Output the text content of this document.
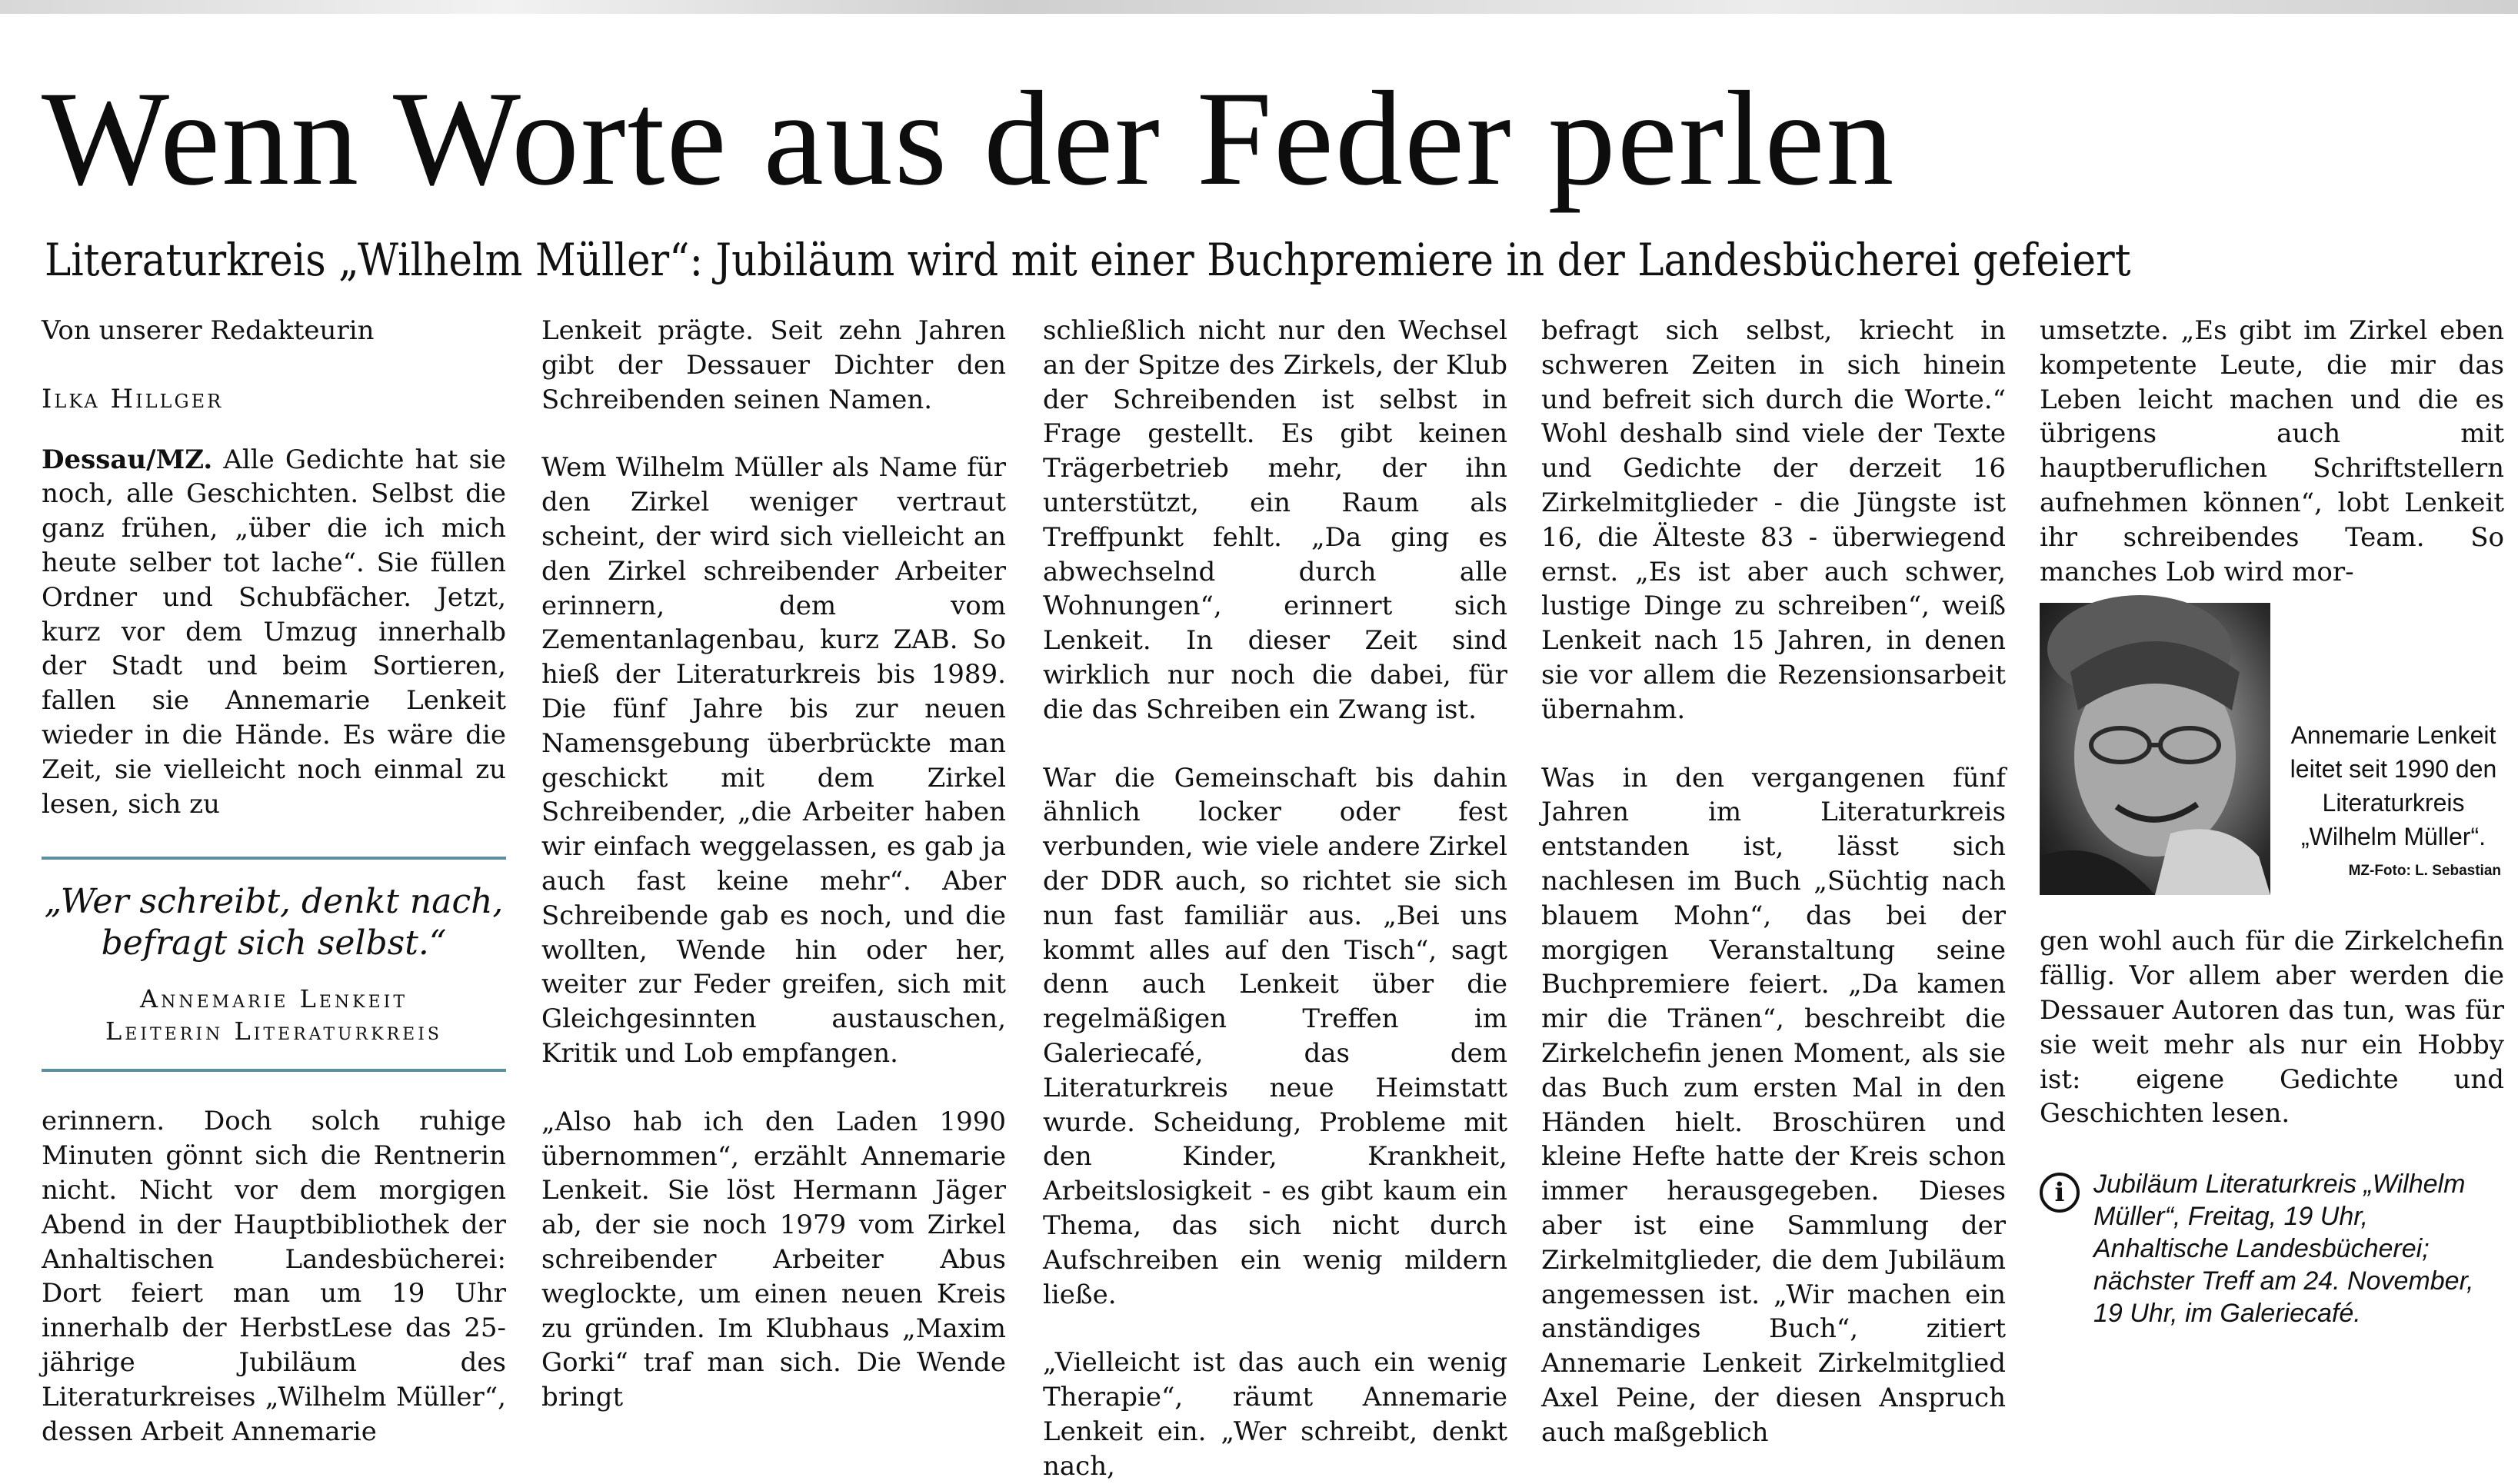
Wenn Worte aus der Feder perlen
Literaturkreis „Wilhelm Müller“: Jubiläum wird mit einer Buchpremiere in der Landesbücherei gefeiert

Von unserer Redakteurin

Ilka Hillger

Dessau/MZ. Alle Gedichte hat sie noch, alle Geschichten. Selbst die ganz frühen, „über die ich mich heute selber tot lache“. Sie füllen Ordner und Schubfächer. Jetzt, kurz vor dem Umzug innerhalb der Stadt und beim Sortieren, fallen sie Annemarie Lenkeit wieder in die Hände. Es wäre die Zeit, sie vielleicht noch einmal zu lesen, sich zu

„Wer schreibt, denkt nach, befragt sich selbst.“

Annemarie Lenkeit

Leiterin Literaturkreis

erinnern. Doch solch ruhige Minuten gönnt sich die Rentnerin nicht. Nicht vor dem morgigen Abend in der Hauptbibliothek der Anhaltischen Landesbücherei: Dort feiert man um 19 Uhr innerhalb der HerbstLese das 25-jährige Jubiläum des Literaturkreises „Wilhelm Müller“, dessen Arbeit Annemarie

Lenkeit prägte. Seit zehn Jahren gibt der Dessauer Dichter den Schreibenden seinen Namen.

Wem Wilhelm Müller als Name für den Zirkel weniger vertraut scheint, der wird sich vielleicht an den Zirkel schreibender Arbeiter erinnern, dem vom Zementanlagenbau, kurz ZAB. So hieß der Literaturkreis bis 1989. Die fünf Jahre bis zur neuen Namensgebung überbrückte man geschickt mit dem Zirkel Schreibender, „die Arbeiter haben wir einfach weggelassen, es gab ja auch fast keine mehr“. Aber Schreibende gab es noch, und die wollten, Wende hin oder her, weiter zur Feder greifen, sich mit Gleichgesinnten austauschen, Kritik und Lob empfangen.

„Also hab ich den Laden 1990 übernommen“, erzählt Annemarie Lenkeit. Sie löst Hermann Jäger ab, der sie noch 1979 vom Zirkel schreibender Arbeiter Abus weglockte, um einen neuen Kreis zu gründen. Im Klubhaus „Maxim Gorki“ traf man sich. Die Wende bringt

schließlich nicht nur den Wechsel an der Spitze des Zirkels, der Klub der Schreibenden ist selbst in Frage gestellt. Es gibt keinen Trägerbetrieb mehr, der ihn unterstützt, ein Raum als Treffpunkt fehlt. „Da ging es abwechselnd durch alle Wohnungen“, erinnert sich Lenkeit. In dieser Zeit sind wirklich nur noch die dabei, für die das Schreiben ein Zwang ist.

War die Gemeinschaft bis dahin ähnlich locker oder fest verbunden, wie viele andere Zirkel der DDR auch, so richtet sie sich nun fast familiär aus. „Bei uns kommt alles auf den Tisch“, sagt denn auch Lenkeit über die regelmäßigen Treffen im Galeriecafé, das dem Literaturkreis neue Heimstatt wurde. Scheidung, Probleme mit den Kinder, Krankheit, Arbeitslosigkeit - es gibt kaum ein Thema, das sich nicht durch Aufschreiben ein wenig mildern ließe.

„Vielleicht ist das auch ein wenig Therapie“, räumt Annemarie Lenkeit ein. „Wer schreibt, denkt nach,

befragt sich selbst, kriecht in schweren Zeiten in sich hinein und befreit sich durch die Worte.“ Wohl deshalb sind viele der Texte und Gedichte der derzeit 16 Zirkelmitglieder - die Jüngste ist 16, die Älteste 83 - überwiegend ernst. „Es ist aber auch schwer, lustige Dinge zu schreiben“, weiß Lenkeit nach 15 Jahren, in denen sie vor allem die Rezensionsarbeit übernahm.

Was in den vergangenen fünf Jahren im Literaturkreis entstanden ist, lässt sich nachlesen im Buch „Süchtig nach blauem Mohn“, das bei der morgigen Veranstaltung seine Buchpremiere feiert. „Da kamen mir die Tränen“, beschreibt die Zirkelchefin jenen Moment, als sie das Buch zum ersten Mal in den Händen hielt. Broschüren und kleine Hefte hatte der Kreis schon immer herausgegeben. Dieses aber ist eine Sammlung der Zirkelmitglieder, die dem Jubiläum angemessen ist. „Wir machen ein anständiges Buch“, zitiert Annemarie Lenkeit Zirkelmitglied Axel Peine, der diesen Anspruch auch maßgeblich

umsetzte. „Es gibt im Zirkel eben kompetente Leute, die mir das Leben leicht machen und die es übrigens auch mit hauptberuflichen Schriftstellern aufnehmen können“, lobt Lenkeit ihr schreibendes Team. So manches Lob wird mor-

Annemarie Lenkeit leitet seit 1990 den Literaturkreis „Wilhelm Müller“.

MZ-Foto: L. Sebastian

gen wohl auch für die Zirkelchefin fällig. Vor allem aber werden die Dessauer Autoren das tun, was für sie weit mehr als nur ein Hobby ist: eigene Gedichte und Geschichten lesen.

i	Jubiläum Literaturkreis „Wilhelm Müller“, Freitag, 19 Uhr, Anhaltische Landesbücherei; nächster Treff am 24. November, 19 Uhr, im Galeriecafé.
